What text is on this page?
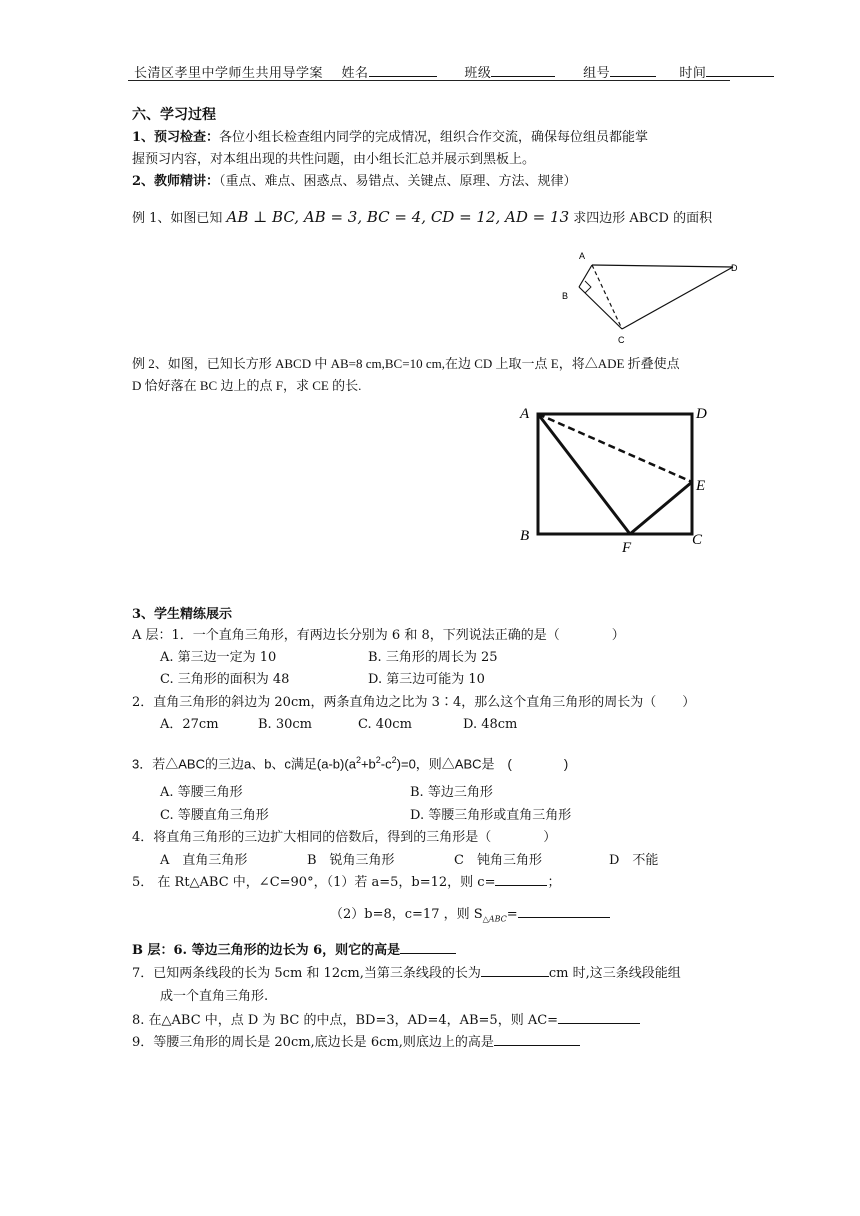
长清区孝里中学师生共用导学案 姓名	班级	组号	时间
六、学习过程
1、预习检查：各位小组长检查组内同学的完成情况，组织合作交流，确保每位组员都能掌
握预习内容，对本组出现的共性问题，由小组长汇总并展示到黑板上。
2、教师精讲：（重点、难点、困惑点、易错点、关键点、原理、方法、规律）
例 1、如图已知 AB ⊥ BC, AB = 3, BC = 4, CD = 12, AD = 13 求四边形 ABCD 的面积
A
B
C
D
例 2、如图，已知长方形 ABCD 中 AB=8 cm,BC=10 cm,在边 CD 上取一点 E，将△ADE 折叠使点
D 恰好落在 BC 边上的点 F，求 CE 的长.
A	D
E
B
F	C
3、学生精练展示
A 层：1．一个直角三角形，有两边长分别为 6 和 8，下列说法正确的是（　　　　）
A. 第三边一定为 10	B. 三角形的周长为 25
C. 三角形的面积为 48	D. 第三边可能为 10
2．直角三角形的斜边为 20cm，两条直角边之比为 3∶4，那么这个直角三角形的周长为（　　）
A．27cm	B. 30cm	C. 40cm	D. 48cm
3．若△ABC的三边a、b、c满足$(a-b)(a^2+b^2-c^2)=0$，则△ABC是　(　　　　)
A. 等腰三角形	B. 等边三角形
C. 等腰直角三角形	D. 等腰三角形或直角三角形
4．将直角三角形的三边扩大相同的倍数后，得到的三角形是（　　　　）
A　直角三角形	B　锐角三角形	C　钝角三角形	D　不能
5． 在 Rt△ABC 中，∠C=90°，（1）若 a=5，b=12，则 c=	；
（2）b=8，c=17 ，则 $S_{\triangle ABC}=$
B 层：6. 等边三角形的边长为 6，则它的高是
7．已知两条线段的长为 5cm 和 12cm,当第三条线段的长为	cm 时,这三条线段能组
成一个直角三角形.
8. 在△ABC 中，点 D 为 BC 的中点，BD=3，AD=4，AB=5，则 AC=
9．等腰三角形的周长是 20cm,底边长是 6cm,则底边上的高是
